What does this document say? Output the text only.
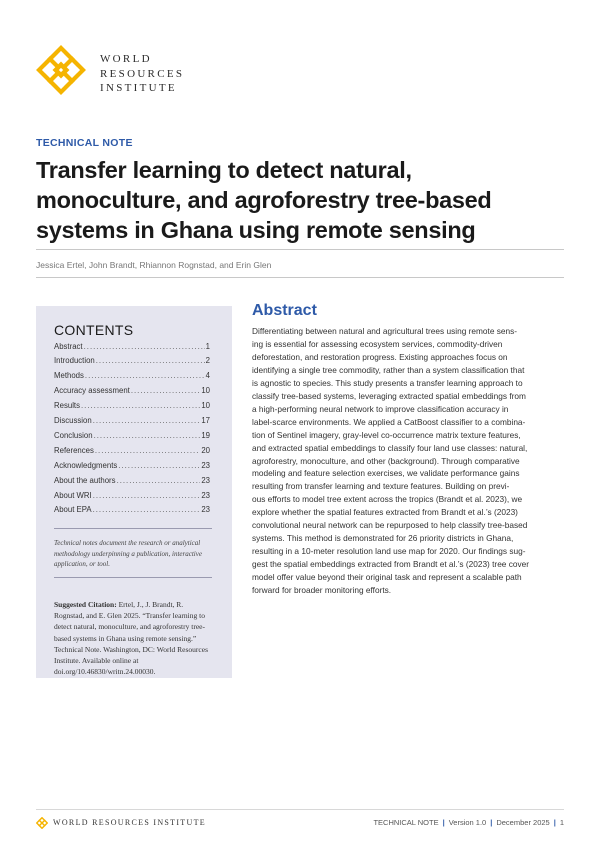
WORLD
RESOURCES
INSTITUTE
TECHNICAL NOTE
Transfer learning to detect natural,
monoculture, and agroforestry tree-based
systems in Ghana using remote sensing
Jessica Ertel, John Brandt, Rhiannon Rognstad, and Erin Glen
CONTENTS
Abstract .....	1
Introduction .....	2
Methods .....	4
Accuracy assessment .....	10
Results .....	10
Discussion .....	17
Conclusion .....	19
References .....	20
Acknowledgments .....	23
About the authors .....	23
About WRI .....	23
About EPA .....	23
Technical notes document the research or analytical methodology underpinning a publication, interactive application, or tool.
Suggested Citation: Ertel, J., J. Brandt, R. Rognstad, and E. Glen 2025. “Transfer learning to detect natural, monoculture, and agroforestry tree-based systems in Ghana using remote sensing.” Technical Note. Washington, DC: World Resources Institute. Available online at doi.org/10.46830/writn.24.00030.
Abstract
Differentiating between natural and agricultural trees using remote sens-
ing is essential for assessing ecosystem services, commodity-driven
deforestation, and restoration progress. Existing approaches focus on
identifying a single tree commodity, rather than a system classification that
is agnostic to species. This study presents a transfer learning approach to
classify tree-based systems, leveraging extracted spatial embeddings from
a high-performing neural network to improve classification accuracy in
label-scarce environments. We applied a CatBoost classifier to a combina-
tion of Sentinel imagery, gray-level co-occurrence matrix texture features,
and extracted spatial embeddings to classify four land use classes: natural,
agroforestry, monoculture, and other (background). Through comparative
modeling and feature selection exercises, we validate performance gains
resulting from transfer learning and texture features. Building on previ-
ous efforts to model tree extent across the tropics (Brandt et al. 2023), we
explore whether the spatial features extracted from Brandt et al.’s (2023)
convolutional neural network can be repurposed to help classify tree-based
systems. This method is demonstrated for 26 priority districts in Ghana,
resulting in a 10-meter resolution land use map for 2020. Our findings sug-
gest the spatial embeddings extracted from Brandt et al.’s (2023) tree cover
model offer value beyond their original task and represent a scalable path
forward for broader monitoring efforts.
WORLD RESOURCES INSTITUTE	TECHNICAL NOTE | Version 1.0 | December 2025 | 1
